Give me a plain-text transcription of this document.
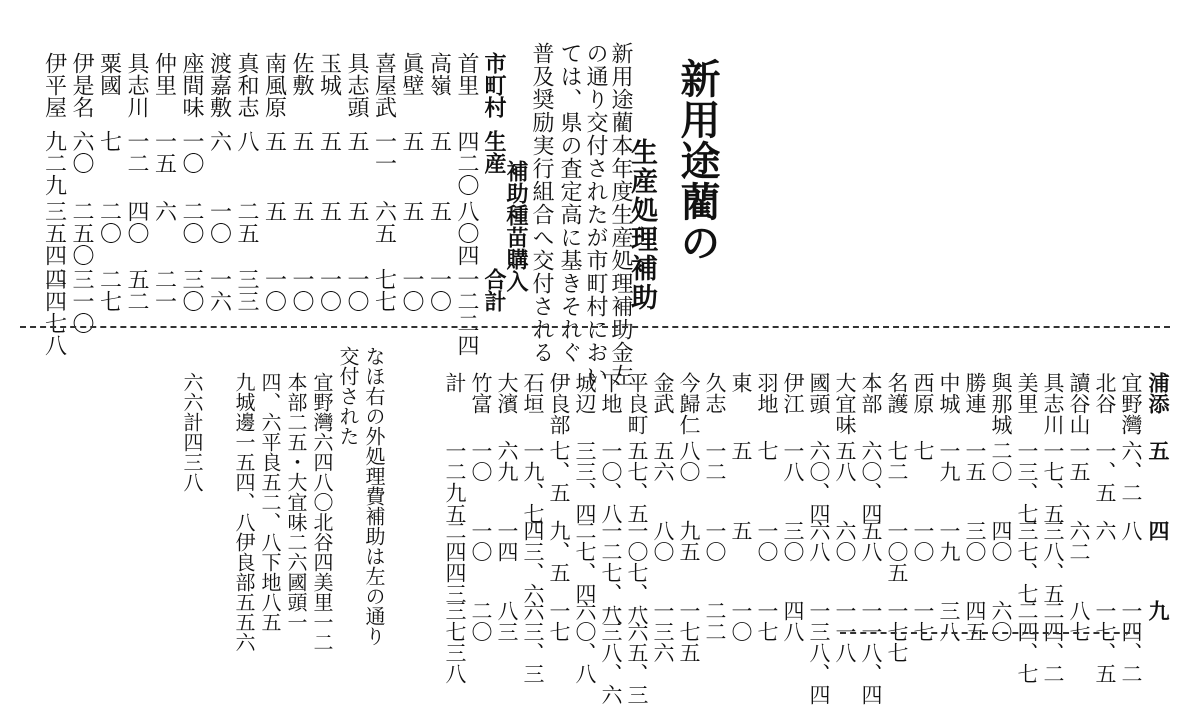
新用途藺の
生産処理補助

新用途藺本年度生産処理補助金左

の通り交付されたが市町村におい

ては、県の査定高に基きそれぐ

普及奨励実行組合へ交付される

市町村
生産
補助種苗購入
合計
首里
四二〇
八〇四
一二二四
高嶺
五
五
一〇
眞壁
五
五
一〇
喜屋武
一一
六五
七七
具志頭
五
五
一〇
玉城
五
五
一〇
佐敷
五
五
一〇
南風原
五
五
一〇
真和志
八
二五
三三
渡嘉敷
六
一〇
一六
座間味
一〇
二〇
三〇
仲里
一五
六
二一
具志川
一二
四〇
五二
粟國
七
二〇
二七
伊是名
六〇
二五〇
三一〇
伊平屋
九二九
三五四二
四四七八
浦添
五
四
九
宜野灣
六、二
八
一四、二
北谷
一、五
六
一七、五
讀谷山
一五
六二
八七
具志川
一七、五
三八、五
二四、二
美里
一三、七
三七、七
二四、七
與那城
二〇
四〇
六〇
勝連
一五
三〇
四五
中城
一九
一九
三八
西原
七
一〇
一七
名護
七二
一〇五
一七七
本部
六〇、四
五八
一一八、四
大宜味
五八
六〇
一一八
國頭
六〇、四
六八
一三八、四
伊江
一八
三〇
四八
羽地
七
一〇
一七
東
五
五
一〇
久志
一二
一〇
二二
今歸仁
八〇
九五
一七五
金武
五六
八〇
一三六
平良町
五七、五
一〇七、八
一六五、三
下地
一〇、八
一二七、八
一三八、六
城辺
三三、四
二七、四
六〇、八
伊良部
七、五
九、五
一七
石垣
一九、七
四三、六
六三、三
大濱
六九
一四
八三
竹富
一〇
一〇
二〇
計
一二九五
二四四三
三七三八
なほ右の外処理費補助は左の通り
交付された
宜野灣六四八〇北谷四美里一二
本部二五・大宜味二六國頭一
四、六平良五二、八下地八五
九城邊一五四、八伊良部五五六
六六計四三八
